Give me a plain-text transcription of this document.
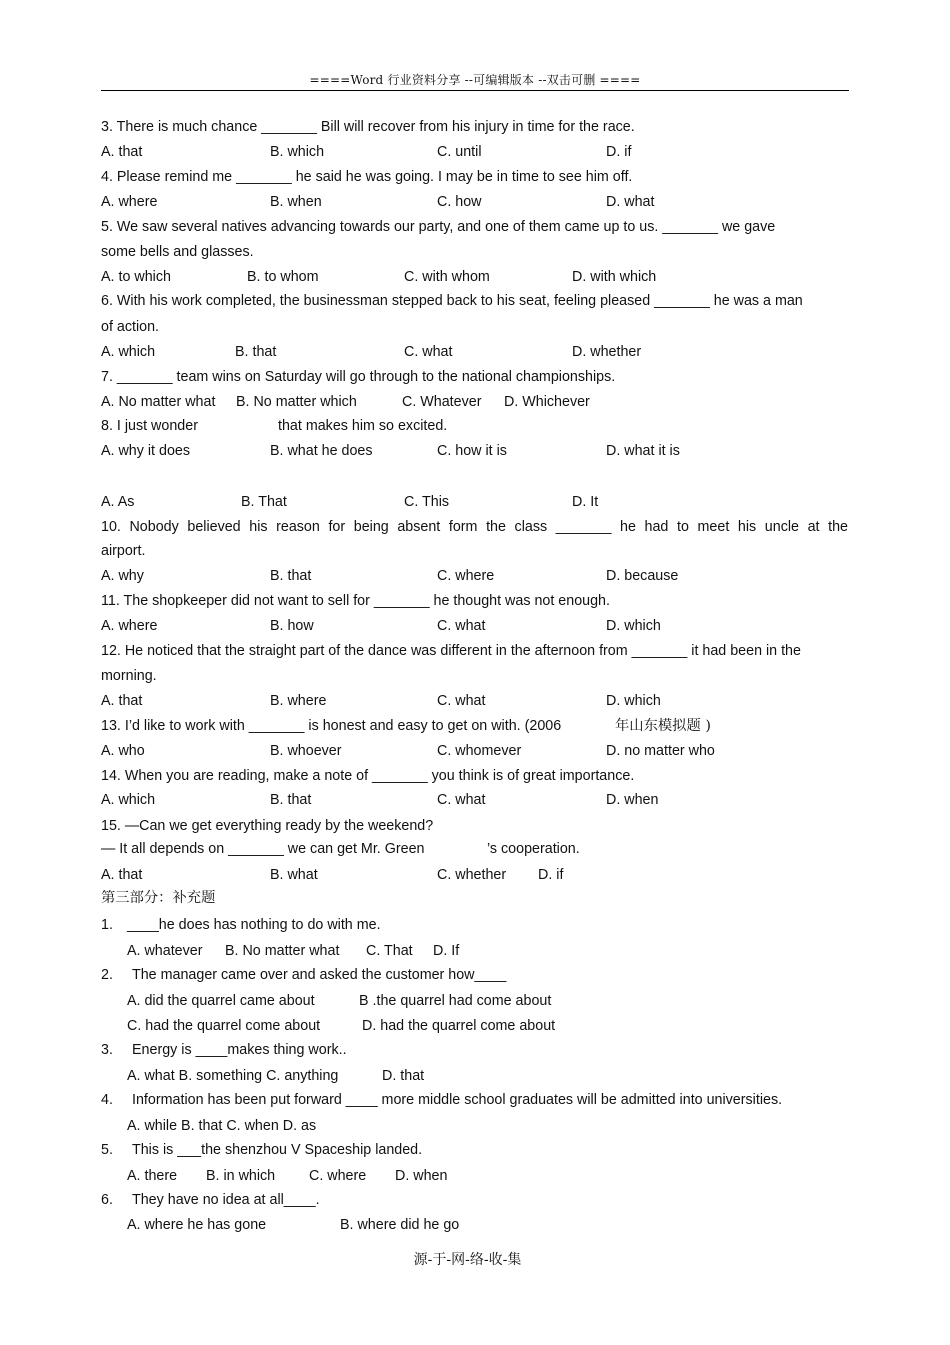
====Word 行业资料分享 --可编辑版本 --双击可删 ====
3. There is much chance _______ Bill will recover from his injury in time for the race.
A. that	B. which	C. until	D. if
4. Please remind me _______ he said he was going. I may be in time to see him off.
A. where	B. when	C. how	D. what
5. We saw several natives advancing towards our party, and one of them came up to us. _______ we gave
some bells and glasses.
A. to which	B. to whom	C. with whom	D. with which
6. With his work completed, the businessman stepped back to his seat, feeling pleased _______ he was a man
of action.
A. which	B. that	C. what	D. whether
7. _______ team wins on Saturday will go through to the national championships.
A. No matter what B. No matter which	C. Whatever D. Whichever
8. I just wonder	that makes him so excited.
A. why it does	B. what he does	C. how it is	D. what it is
A. As	B. That	C. This	D. It
10. Nobody believed his reason for being absent form the class _______ he had to meet his uncle at the
airport.
A. why	B. that	C. where	D. because
11. The shopkeeper did not want to sell for _______ he thought was not enough.
A. where	B. how	C. what	D. which
12. He noticed that the straight part of the dance was different in the afternoon from _______ it had been in the
morning.
A. that	B. where	C. what	D. which
13. I’d like to work with _______ is honest and easy to get on with. (2006	年山东模拟题 )
A. who	B. whoever	C. whomever	D. no matter who
14. When you are reading, make a note of _______ you think is of great importance.
A. which	B. that	C. what	D. when
15. —Can we get everything ready by the weekend?
— It all depends on _______ we can get Mr. Green	’s cooperation.
A. that	B. what	C. whether D. if
第三部分：补充题
1. ____he does has nothing to do with me.
A. whatever B. No matter what C. That D. If
2. The manager came over and asked the customer how____
A. did the quarrel came about	B .the quarrel had come about
C. had the quarrel come about	D. had the quarrel come about
3. Energy is ____makes thing work..
A. what B. something C. anything	D. that
4. Information has been put forward ____ more middle school graduates will be admitted into universities.
A. while B. that C. when D. as
5. This is ___the shenzhou V Spaceship landed.
A. there B. in which C. where D. when
6. They have no idea at all____.
A. where he has gone	B. where did he go
源-于-网-络-收-集
